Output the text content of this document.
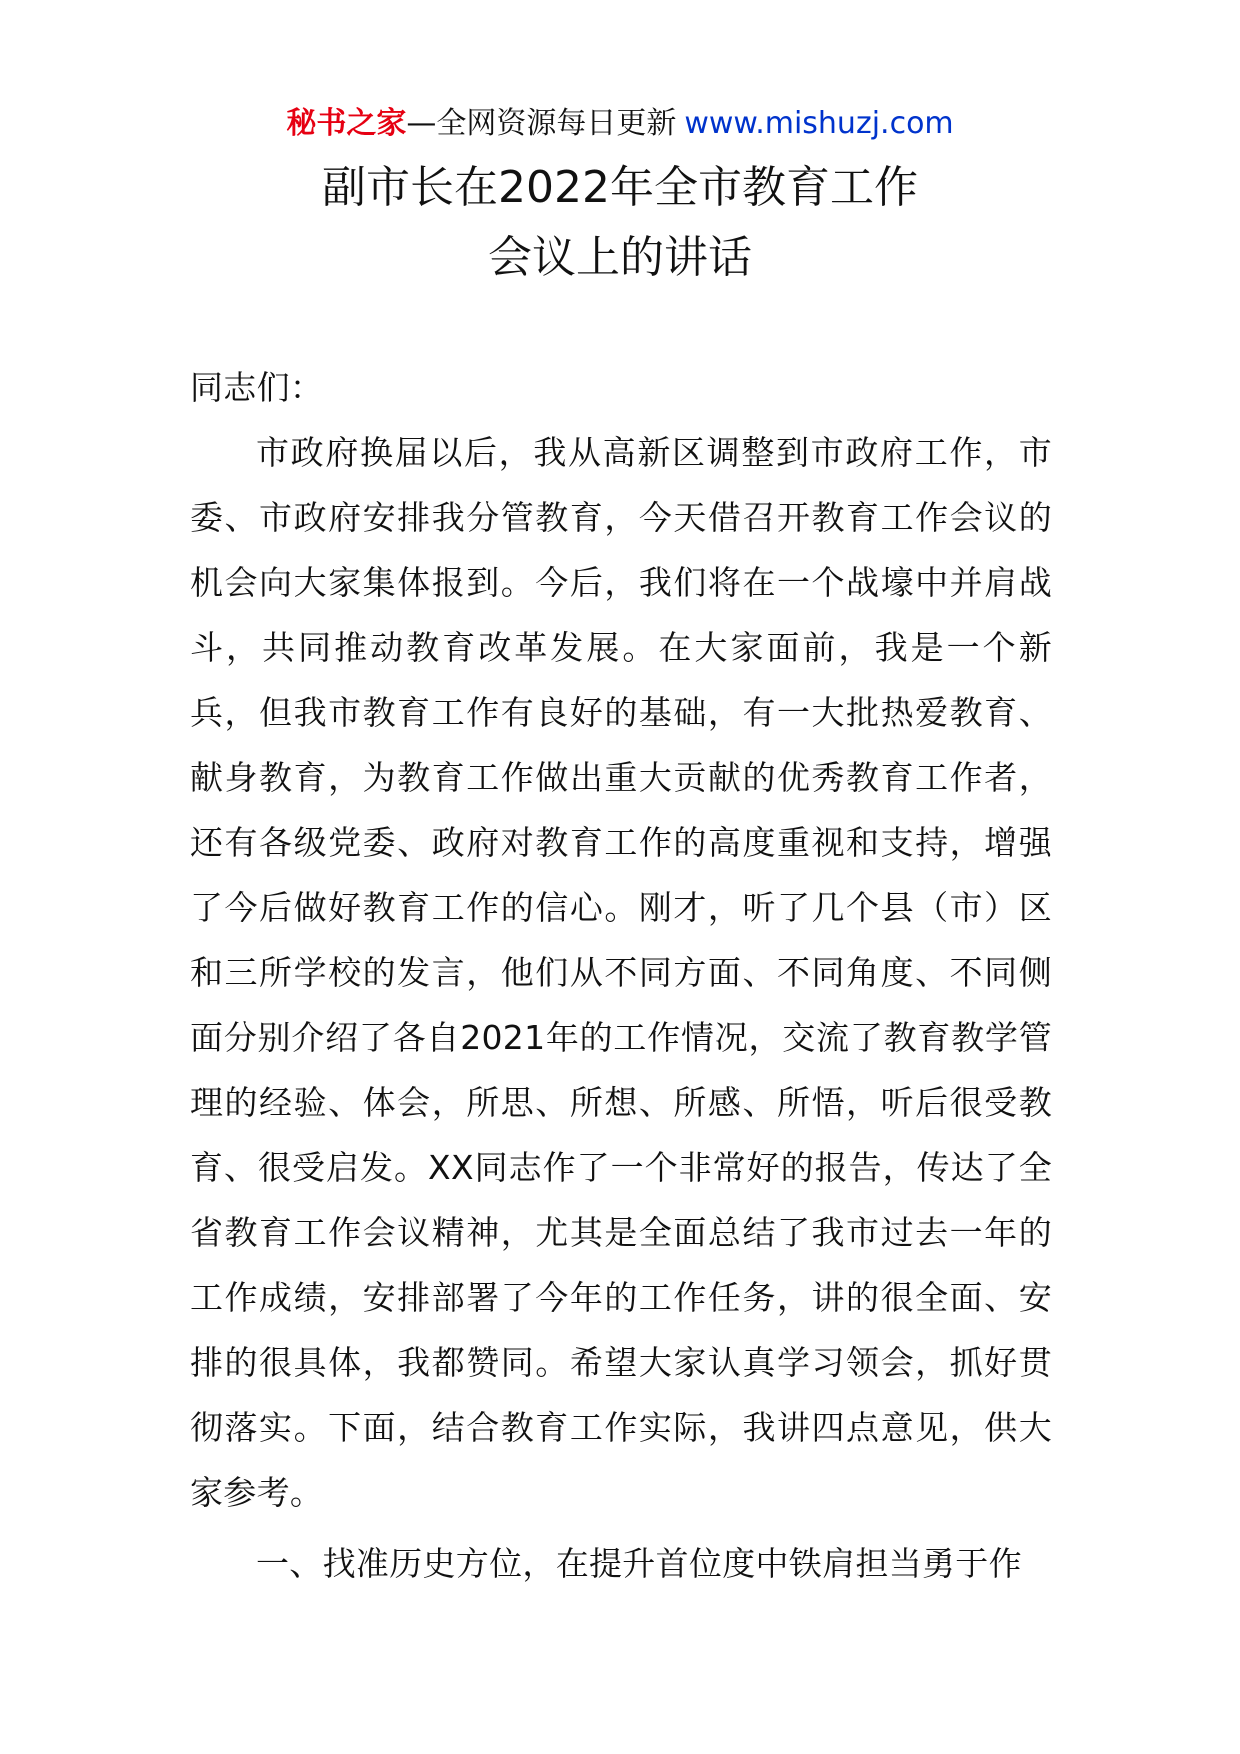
秘书之家—全网资源每日更新 www.mishuzj.com
副市长在2022年全市教育工作
会议上的讲话

同志们：

市政府换届以后，我从高新区调整到市政府工作，市委、市政府安排我分管教育，今天借召开教育工作会议的机会向大家集体报到。今后，我们将在一个战壕中并肩战斗，共同推动教育改革发展。在大家面前，我是一个新兵，但我市教育工作有良好的基础，有一大批热爱教育、献身教育，为教育工作做出重大贡献的优秀教育工作者，还有各级党委、政府对教育工作的高度重视和支持，增强了今后做好教育工作的信心。刚才，听了几个县（市）区和三所学校的发言，他们从不同方面、不同角度、不同侧面分别介绍了各自2021年的工作情况，交流了教育教学管理的经验、体会，所思、所想、所感、所悟，听后很受教育、很受启发。XX同志作了一个非常好的报告，传达了全省教育工作会议精神，尤其是全面总结了我市过去一年的工作成绩，安排部署了今年的工作任务，讲的很全面、安排的很具体，我都赞同。希望大家认真学习领会，抓好贯彻落实。下面，结合教育工作实际，我讲四点意见，供大家参考。

一、找准历史方位，在提升首位度中铁肩担当勇于作
